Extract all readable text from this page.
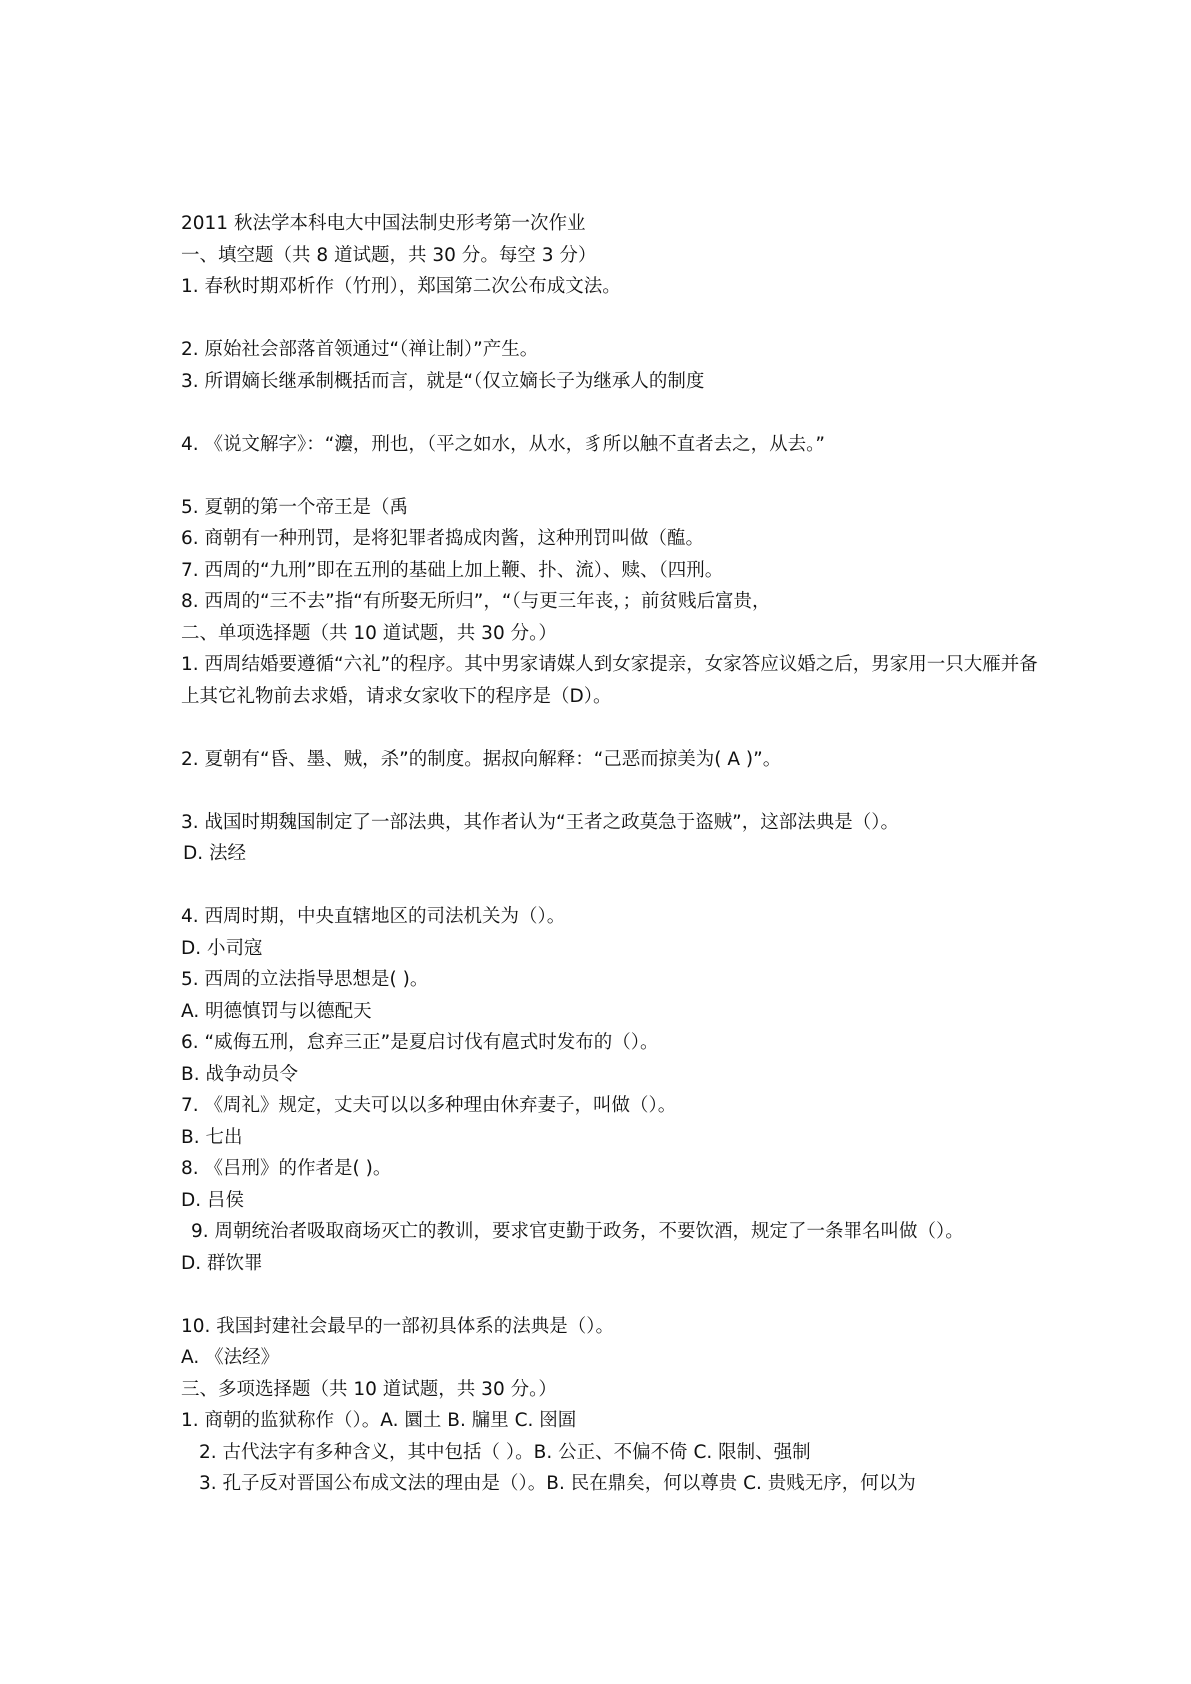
2011 秋法学本科电大中国法制史形考第一次作业
一、填空题（共 8 道试题，共 30 分。每空 3 分）
1. 春秋时期邓析作（竹刑），郑国第二次公布成文法。
2. 原始社会部落首领通过“（禅让制）”产生。
3. 所谓嫡长继承制概括而言，就是“（仅立嫡长子为继承人的制度
4. 《说文解字》：“灋，刑也，（平之如水，从水，豸所以触不直者去之，从去。”
5. 夏朝的第一个帝王是（禹
6. 商朝有一种刑罚，是将犯罪者捣成肉酱，这种刑罚叫做（醢。
7. 西周的“九刑”即在五刑的基础上加上鞭、扑、流）、赎、（四刑。
8. 西周的“三不去”指“有所娶无所归”，“（与更三年丧，；前贫贱后富贵，
二、单项选择题（共 10 道试题，共 30 分。）
1. 西周结婚要遵循“六礼”的程序。其中男家请媒人到女家提亲，女家答应议婚之后，男家用一只大雁并备上其它礼物前去求婚，请求女家收下的程序是（D）。
2. 夏朝有“昏、墨、贼，杀”的制度。据叔向解释：“己恶而掠美为( A )”。
3. 战国时期魏国制定了一部法典，其作者认为“王者之政莫急于盗贼”，这部法典是（）。
D. 法经
4. 西周时期，中央直辖地区的司法机关为（）。
D. 小司寇
5. 西周的立法指导思想是( )。
A. 明德慎罚与以德配天
6. “威侮五刑，怠弃三正”是夏启讨伐有扈式时发布的（）。
B. 战争动员令
7. 《周礼》规定，丈夫可以以多种理由休弃妻子，叫做（）。
B. 七出
8. 《吕刑》的作者是( )。
D. 吕侯
9. 周朝统治者吸取商场灭亡的教训，要求官吏勤于政务，不要饮酒，规定了一条罪名叫做（）。
D. 群饮罪
10. 我国封建社会最早的一部初具体系的法典是（）。
A. 《法经》
三、多项选择题（共 10 道试题，共 30 分。）
1. 商朝的监狱称作（）。A. 圜土 B. 牖里 C. 囹圄
2. 古代法字有多种含义，其中包括（ ）。B. 公正、不偏不倚 C. 限制、强制
3. 孔子反对晋国公布成文法的理由是（）。B. 民在鼎矣，何以尊贵 C. 贵贱无序，何以为
